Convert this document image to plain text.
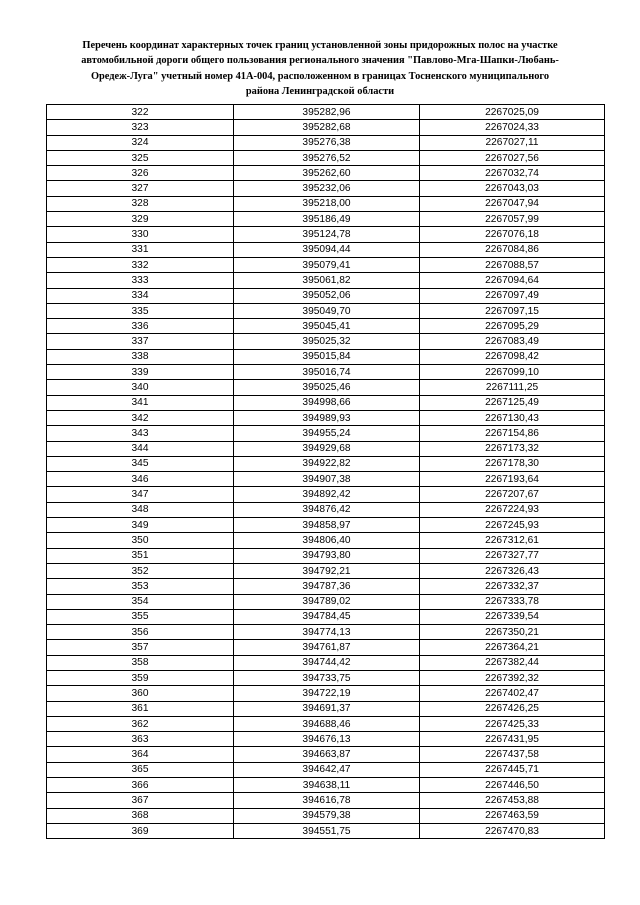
Перечень координат характерных точек границ установленной зоны придорожных полос на участке
автомобильной дороги общего пользования регионального значения "Павлово-Мга-Шапки-Любань-
Оредеж-Луга" учетный номер 41А-004, расположенном в границах Тосненского муниципального
района Ленинградской области
322	395282,96	2267025,09
323	395282,68	2267024,33
324	395276,38	2267027,11
325	395276,52	2267027,56
326	395262,60	2267032,74
327	395232,06	2267043,03
328	395218,00	2267047,94
329	395186,49	2267057,99
330	395124,78	2267076,18
331	395094,44	2267084,86
332	395079,41	2267088,57
333	395061,82	2267094,64
334	395052,06	2267097,49
335	395049,70	2267097,15
336	395045,41	2267095,29
337	395025,32	2267083,49
338	395015,84	2267098,42
339	395016,74	2267099,10
340	395025,46	2267111,25
341	394998,66	2267125,49
342	394989,93	2267130,43
343	394955,24	2267154,86
344	394929,68	2267173,32
345	394922,82	2267178,30
346	394907,38	2267193,64
347	394892,42	2267207,67
348	394876,42	2267224,93
349	394858,97	2267245,93
350	394806,40	2267312,61
351	394793,80	2267327,77
352	394792,21	2267326,43
353	394787,36	2267332,37
354	394789,02	2267333,78
355	394784,45	2267339,54
356	394774,13	2267350,21
357	394761,87	2267364,21
358	394744,42	2267382,44
359	394733,75	2267392,32
360	394722,19	2267402,47
361	394691,37	2267426,25
362	394688,46	2267425,33
363	394676,13	2267431,95
364	394663,87	2267437,58
365	394642,47	2267445,71
366	394638,11	2267446,50
367	394616,78	2267453,88
368	394579,38	2267463,59
369	394551,75	2267470,83
